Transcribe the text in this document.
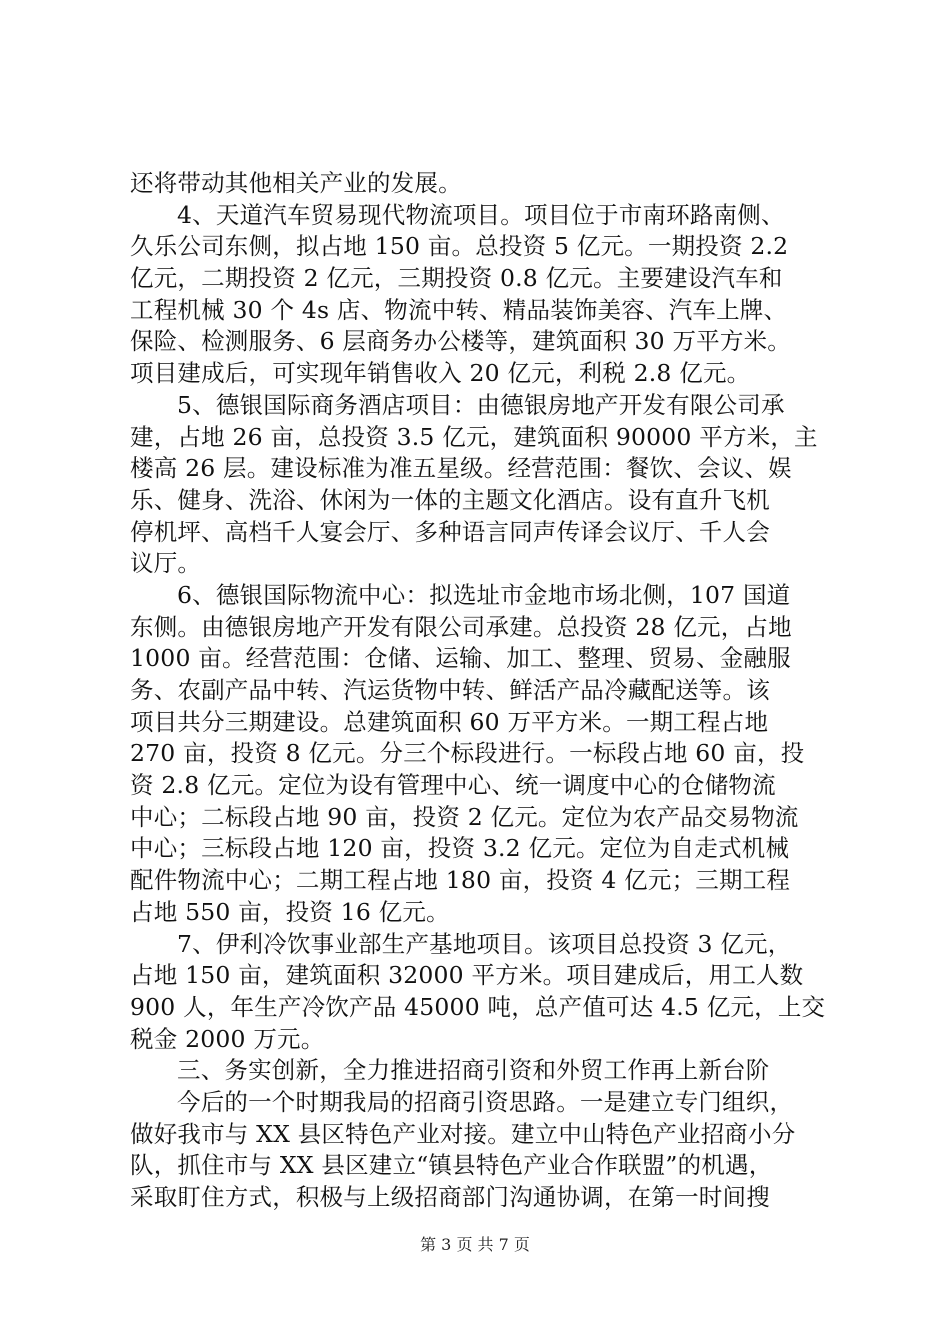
还将带动其他相关产业的发展。
4、天道汽车贸易现代物流项目。项目位于市南环路南侧、
久乐公司东侧，拟占地 150 亩。总投资 5 亿元。一期投资 2.2
亿元，二期投资 2 亿元，三期投资 0.8 亿元。主要建设汽车和
工程机械 30 个 4s 店、物流中转、精品装饰美容、汽车上牌、
保险、检测服务、6 层商务办公楼等，建筑面积 30 万平方米。
项目建成后，可实现年销售收入 20 亿元，利税 2.8 亿元。
5、德银国际商务酒店项目：由德银房地产开发有限公司承
建，占地 26 亩，总投资 3.5 亿元，建筑面积 90000 平方米，主
楼高 26 层。建设标准为准五星级。经营范围：餐饮、会议、娱
乐、健身、洗浴、休闲为一体的主题文化酒店。设有直升飞机
停机坪、高档千人宴会厅、多种语言同声传译会议厅、千人会
议厅。
6、德银国际物流中心：拟选址市金地市场北侧，107 国道
东侧。由德银房地产开发有限公司承建。总投资 28 亿元，占地
1000 亩。经营范围：仓储、运输、加工、整理、贸易、金融服
务、农副产品中转、汽运货物中转、鲜活产品冷藏配送等。该
项目共分三期建设。总建筑面积 60 万平方米。一期工程占地
270 亩，投资 8 亿元。分三个标段进行。一标段占地 60 亩，投
资 2.8 亿元。定位为设有管理中心、统一调度中心的仓储物流
中心；二标段占地 90 亩，投资 2 亿元。定位为农产品交易物流
中心；三标段占地 120 亩，投资 3.2 亿元。定位为自走式机械
配件物流中心；二期工程占地 180 亩，投资 4 亿元；三期工程
占地 550 亩，投资 16 亿元。
7、伊利冷饮事业部生产基地项目。该项目总投资 3 亿元，
占地 150 亩，建筑面积 32000 平方米。项目建成后，用工人数
900 人，年生产冷饮产品 45000 吨，总产值可达 4.5 亿元，上交
税金 2000 万元。
三、务实创新，全力推进招商引资和外贸工作再上新台阶
今后的一个时期我局的招商引资思路。一是建立专门组织，
做好我市与 XX 县区特色产业对接。建立中山特色产业招商小分
队，抓住市与 XX 县区建立“镇县特色产业合作联盟”的机遇，
采取盯住方式，积极与上级招商部门沟通协调，在第一时间搜
第 3 页 共 7 页
